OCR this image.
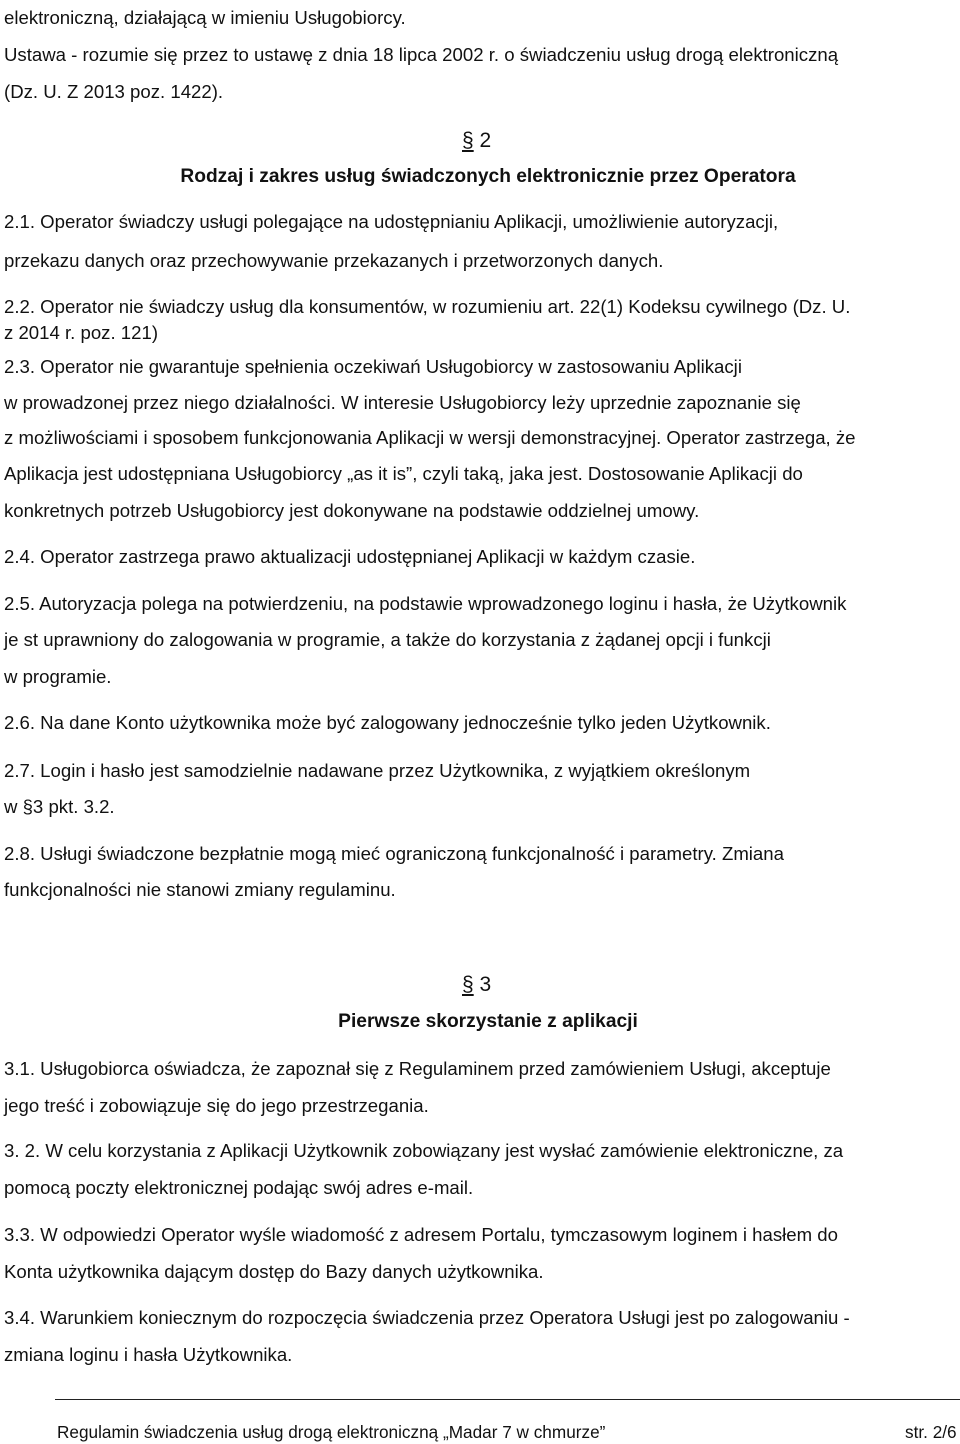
elektroniczną, działającą w imieniu Usługobiorcy.
Ustawa - rozumie się przez to ustawę z dnia 18 lipca 2002 r. o świadczeniu usług drogą elektroniczną
(Dz. U. Z 2013 poz. 1422).
§ 2
Rodzaj i zakres usług świadczonych elektronicznie przez Operatora
2.1. Operator świadczy usługi polegające na udostępnianiu Aplikacji, umożliwienie autoryzacji,
przekazu danych oraz przechowywanie przekazanych i przetworzonych danych.
2.2. Operator nie świadczy usług dla konsumentów, w rozumieniu art. 22(1) Kodeksu cywilnego (Dz. U.
z 2014 r. poz. 121)
2.3. Operator nie gwarantuje spełnienia oczekiwań Usługobiorcy w zastosowaniu Aplikacji
w prowadzonej przez niego działalności. W interesie Usługobiorcy leży uprzednie zapoznanie się
z możliwościami i sposobem funkcjonowania Aplikacji w wersji demonstracyjnej. Operator zastrzega, że
Aplikacja jest udostępniana Usługobiorcy „as it is”, czyli taką, jaka jest. Dostosowanie Aplikacji do
konkretnych potrzeb Usługobiorcy jest dokonywane na podstawie oddzielnej umowy.
2.4. Operator zastrzega prawo aktualizacji udostępnianej Aplikacji w każdym czasie.
2.5. Autoryzacja polega na potwierdzeniu, na podstawie wprowadzonego loginu i hasła, że Użytkownik
je st uprawniony do zalogowania w programie, a także do korzystania z żądanej opcji i funkcji
w programie.
2.6. Na dane Konto użytkownika może być zalogowany jednocześnie tylko jeden Użytkownik.
2.7. Login i hasło jest samodzielnie nadawane przez Użytkownika, z wyjątkiem określonym
w §3 pkt. 3.2.
2.8. Usługi świadczone bezpłatnie mogą mieć ograniczoną funkcjonalność i parametry. Zmiana
funkcjonalności nie stanowi zmiany regulaminu.
§ 3
Pierwsze skorzystanie z aplikacji
3.1. Usługobiorca oświadcza, że zapoznał się z Regulaminem przed zamówieniem Usługi, akceptuje
jego treść i zobowiązuje się do jego przestrzegania.
3. 2. W celu korzystania z Aplikacji Użytkownik zobowiązany jest wysłać zamówienie elektroniczne, za
pomocą poczty elektronicznej podając swój adres e-mail.
3.3. W odpowiedzi Operator wyśle wiadomość z adresem Portalu, tymczasowym loginem i hasłem do
Konta użytkownika dającym dostęp do Bazy danych użytkownika.
3.4. Warunkiem koniecznym do rozpoczęcia świadczenia przez Operatora Usługi jest po zalogowaniu -
zmiana loginu i hasła Użytkownika.
Regulamin świadczenia usług drogą elektroniczną „Madar 7 w chmurze”	str. 2/6
